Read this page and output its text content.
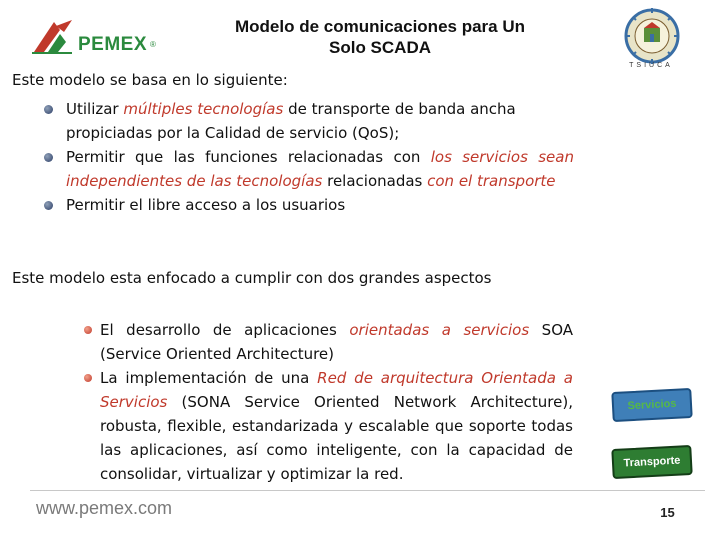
PEMEX ®
Modelo de comunicaciones para Un
Solo SCADA
TSIUCA
Este modelo se basa en lo siguiente:
Utilizar múltiples tecnologías de transporte de banda ancha propiciadas por la Calidad de servicio (QoS);
Permitir que las funciones relacionadas con los servicios sean independientes de las tecnologías relacionadas con el transporte
Permitir el libre acceso a los usuarios
Este modelo esta enfocado a cumplir con dos grandes aspectos
El desarrollo de aplicaciones orientadas a servicios SOA (Service Oriented Architecture)
La implementación de una Red de arquitectura Orientada a Servicios (SONA Service Oriented Network Architecture), robusta, flexible, estandarizada y escalable que soporte todas las aplicaciones, así como inteligente, con la capacidad de consolidar, virtualizar y optimizar la red.
Servicios
Transporte
www.pemex.com	15
